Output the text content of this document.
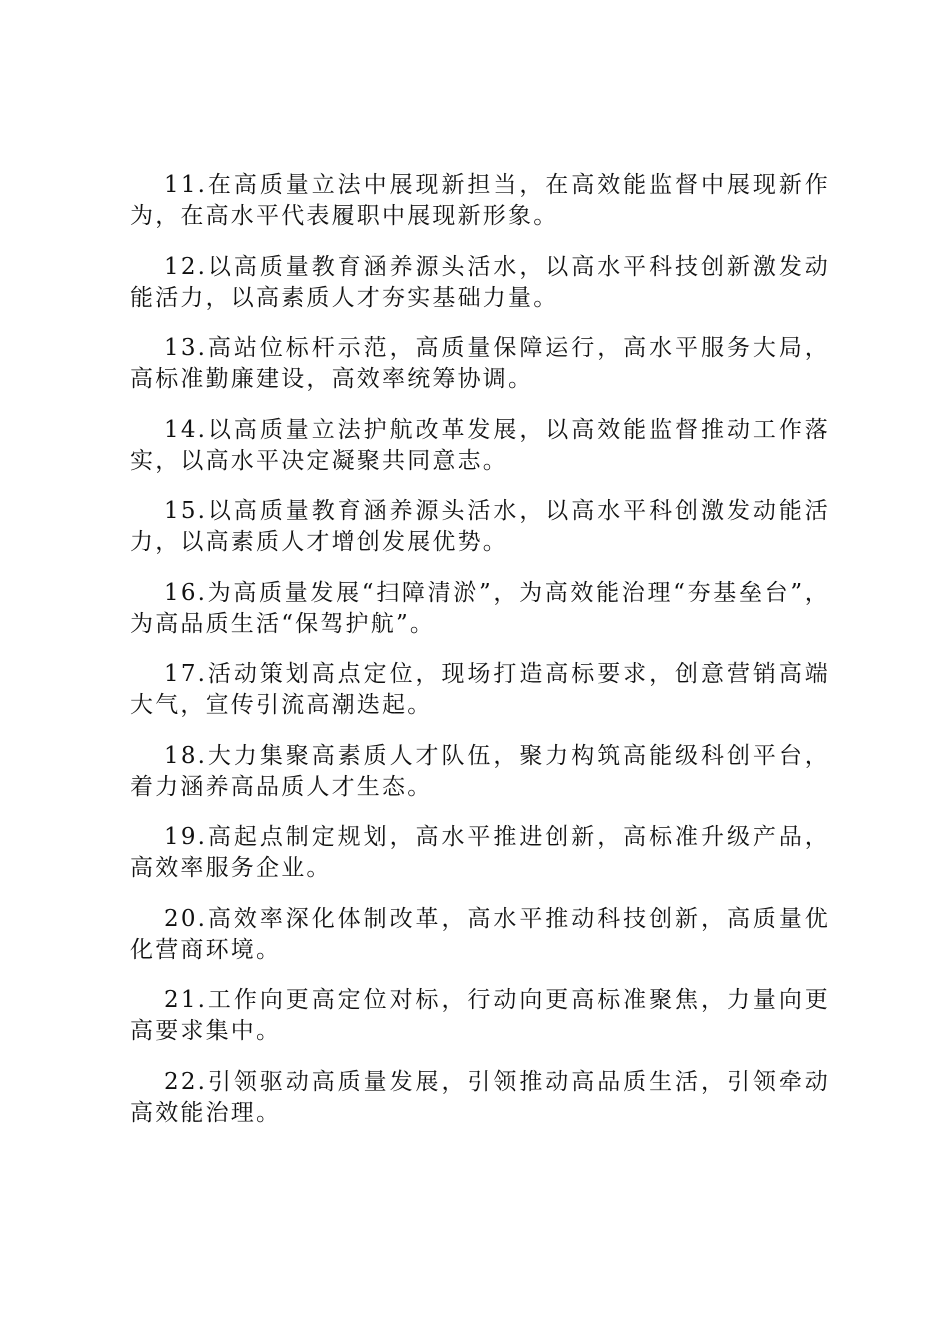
11.在高质量立法中展现新担当，在高效能监督中展现新作为，在高水平代表履职中展现新形象。

12.以高质量教育涵养源头活水，以高水平科技创新激发动能活力，以高素质人才夯实基础力量。

13.高站位标杆示范，高质量保障运行，高水平服务大局，高标准勤廉建设，高效率统筹协调。

14.以高质量立法护航改革发展，以高效能监督推动工作落实，以高水平决定凝聚共同意志。

15.以高质量教育涵养源头活水，以高水平科创激发动能活力，以高素质人才增创发展优势。

16.为高质量发展“扫障清淤”，为高效能治理“夯基垒台”，为高品质生活“保驾护航”。

17.活动策划高点定位，现场打造高标要求，创意营销高端大气，宣传引流高潮迭起。

18.大力集聚高素质人才队伍，聚力构筑高能级科创平台，着力涵养高品质人才生态。

19.高起点制定规划，高水平推进创新，高标准升级产品，高效率服务企业。

20.高效率深化体制改革，高水平推动科技创新，高质量优化营商环境。

21.工作向更高定位对标，行动向更高标准聚焦，力量向更高要求集中。

22.引领驱动高质量发展，引领推动高品质生活，引领牵动高效能治理。
